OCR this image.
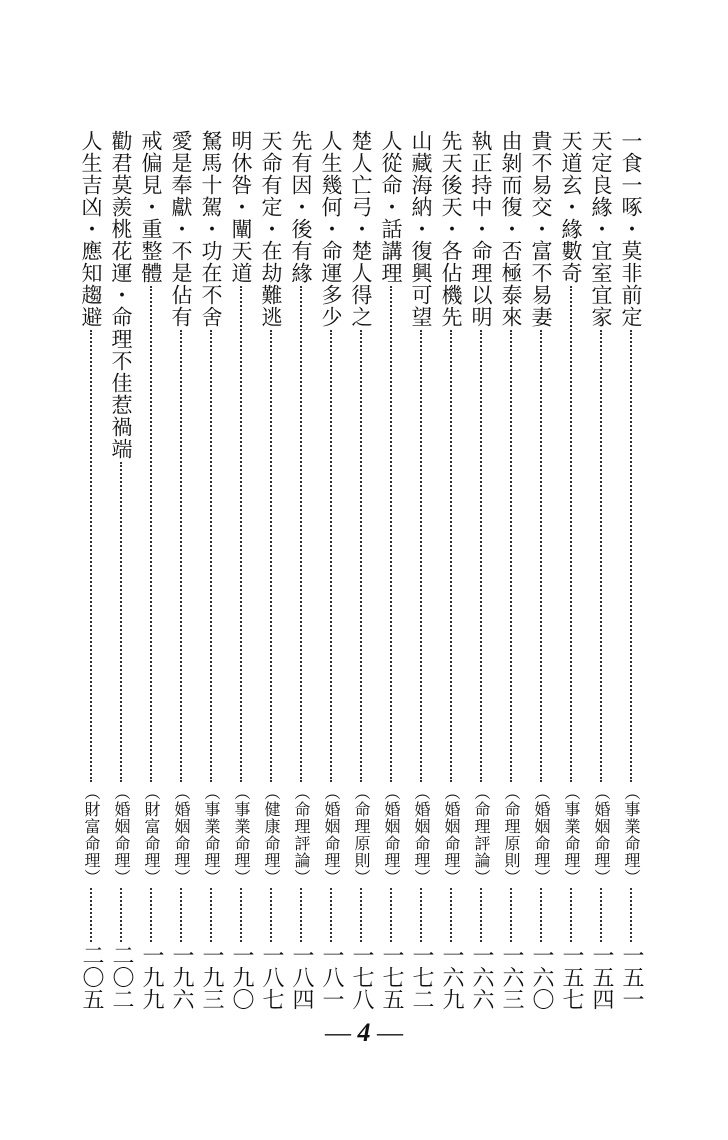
一食一啄・莫非前定
（事業命理）
一五一
天定良緣・宜室宜家
（婚姻命理）
一五四
天道玄・緣數奇
（事業命理）
一五七
貴不易交・富不易妻
（婚姻命理）
一六〇
由剝而復・否極泰來
（命理原則）
一六三
執正持中・命理以明
（命理評論）
一六六
先天後天・各佔機先
（婚姻命理）
一六九
山藏海納・復興可望
（婚姻命理）
一七二
人從命・話講理
（婚姻命理）
一七五
楚人亡弓・楚人得之
（命理原則）
一七八
人生幾何・命運多少
（婚姻命理）
一八一
先有因・後有緣
（命理評論）
一八四
天命有定・在劫難逃
（健康命理）
一八七
明休咎・闡天道
（事業命理）
一九〇
駑馬十駕・功在不舍
（事業命理）
一九三
愛是奉獻・不是佔有
（婚姻命理）
一九六
戒偏見・重整體
（財富命理）
一九九
勸君莫羨桃花運・命理不佳惹禍端
（婚姻命理）
二〇二
人生吉凶・應知趨避
（財富命理）
二〇五
— 4 —
